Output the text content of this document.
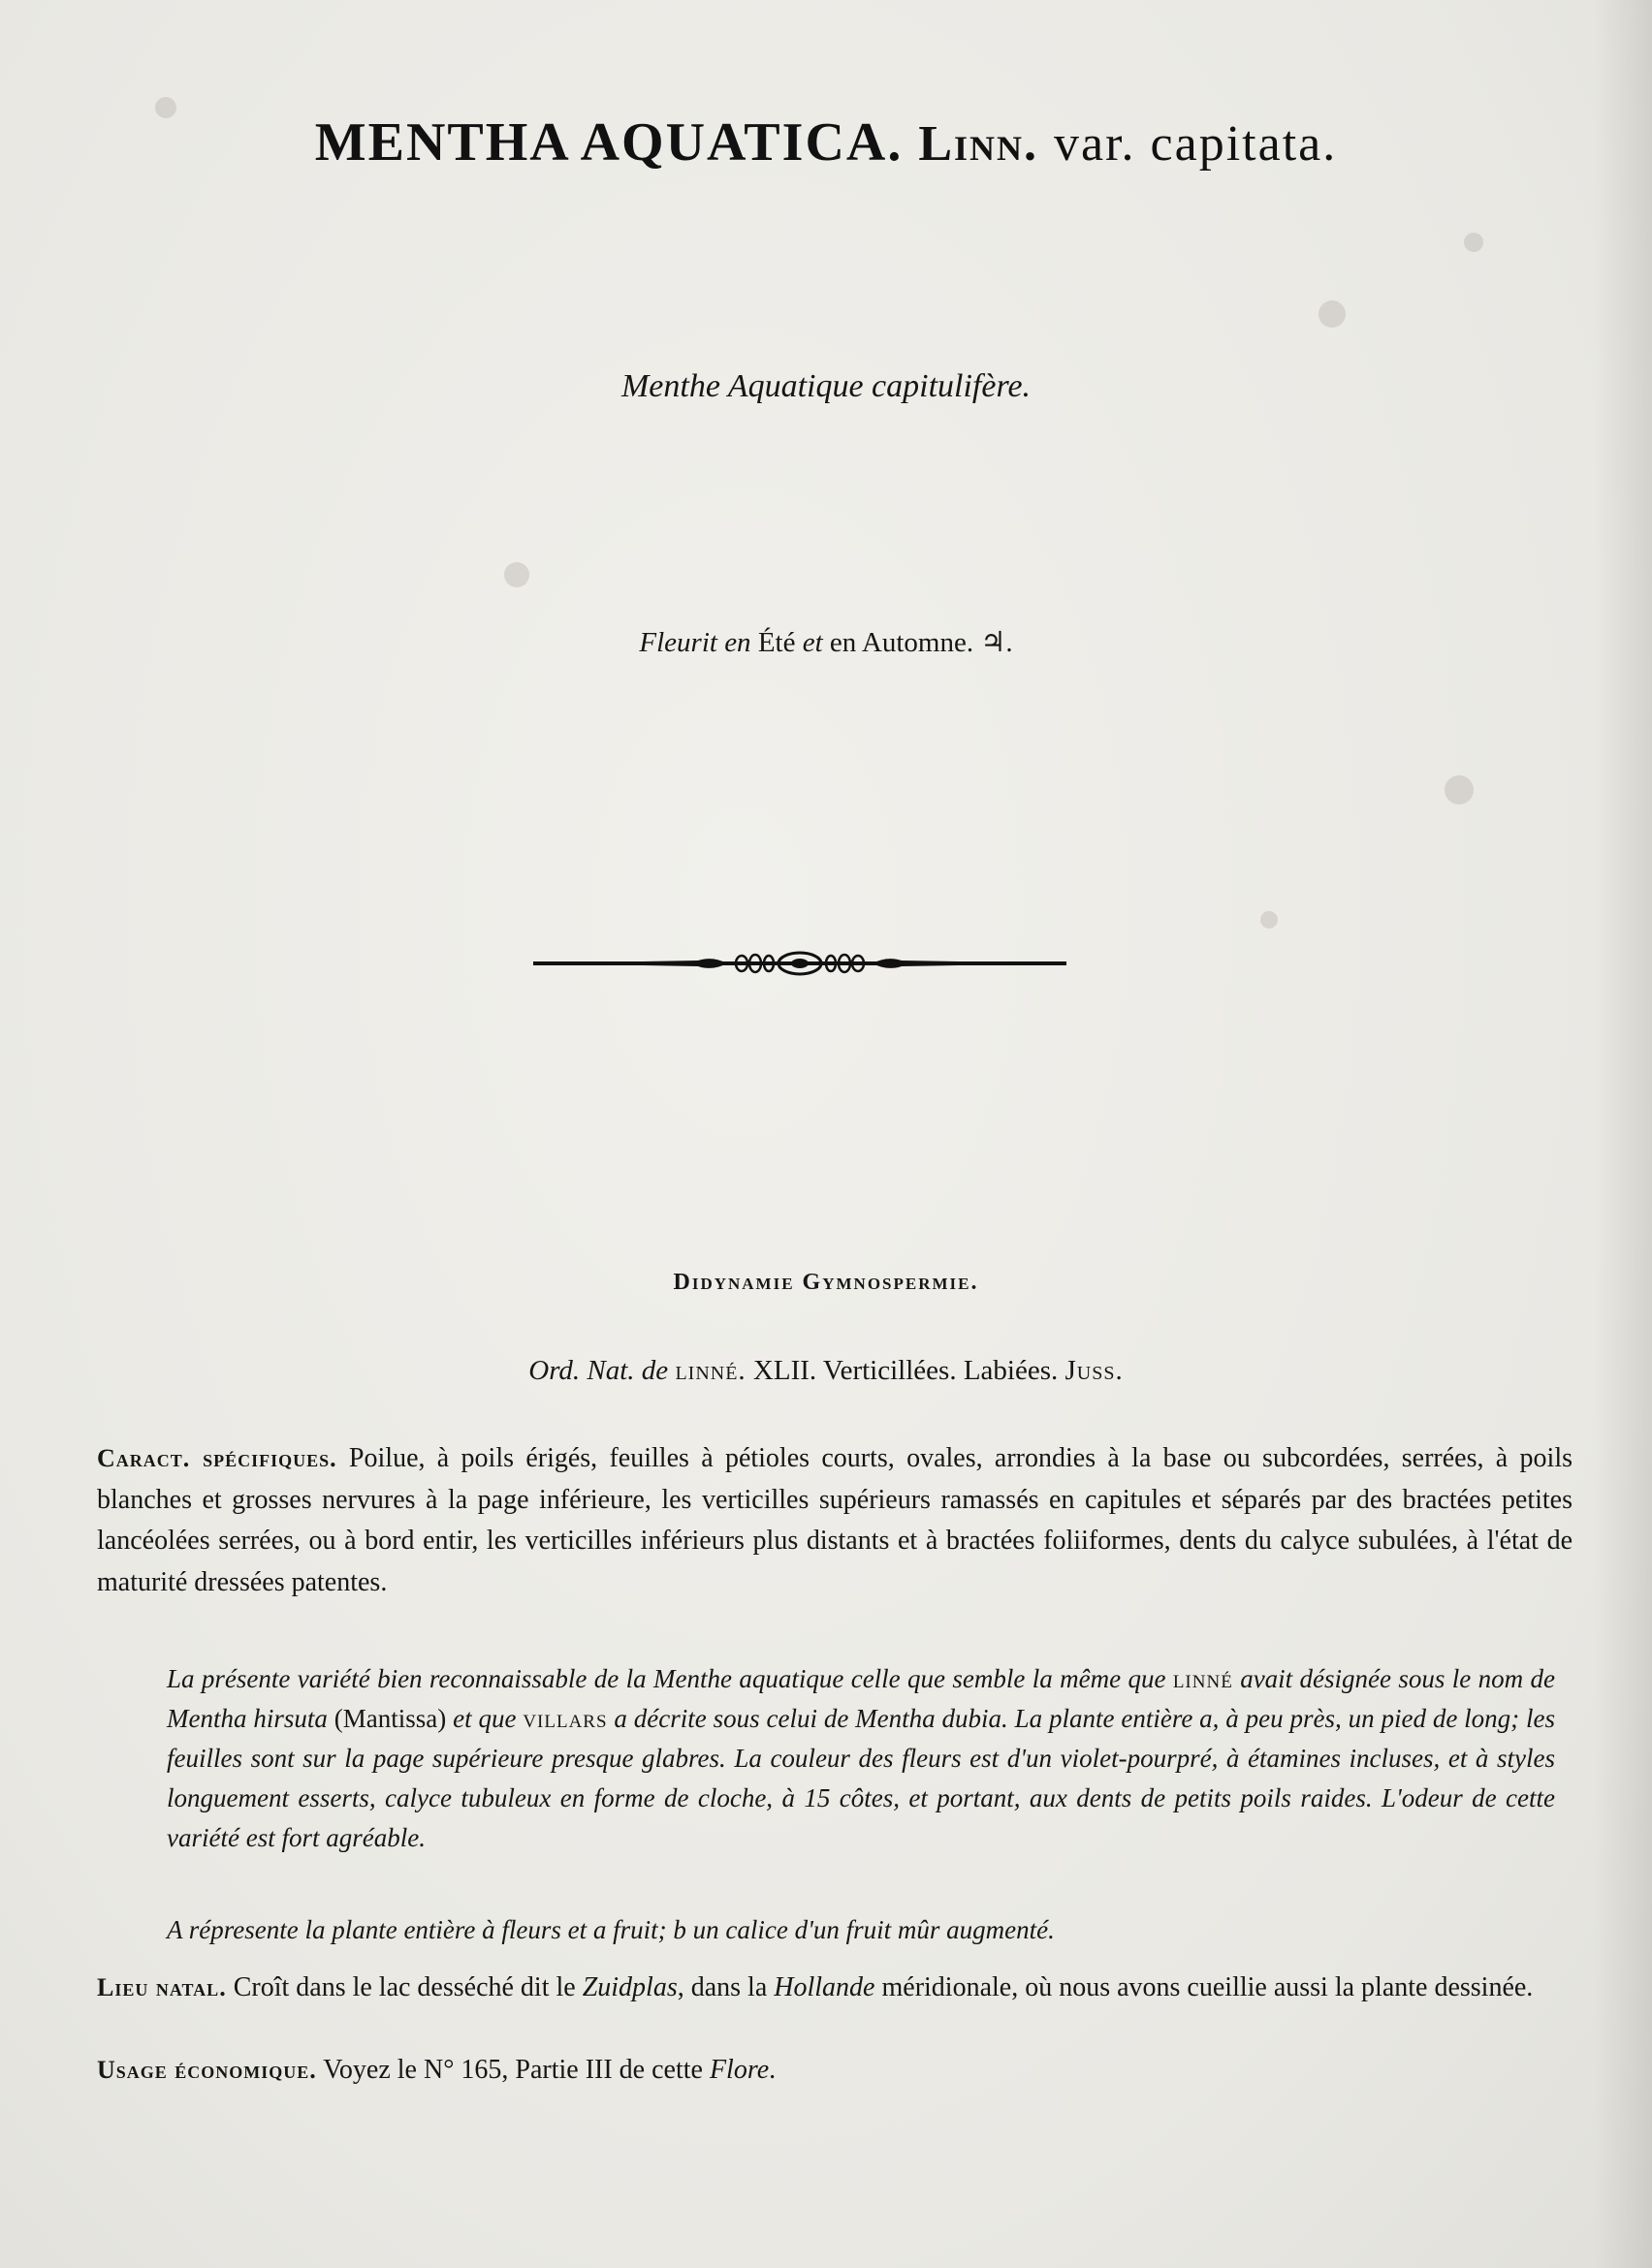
MENTHA AQUATICA. Linn. var. capitata.
Menthe Aquatique capitulifère.
Fleurit en Été et en Automne. ♃.
Didynamie Gymnospermie.
Ord. Nat. de linné. XLII. Verticillées. Labiées. Juss.
Caract. spécifiques. Poilue, à poils érigés, feuilles à pétioles courts, ovales, arrondies à la base ou subcordées, serrées, à poils blanches et grosses nervures à la page inférieure, les verticilles supérieurs ramassés en capitules et séparés par des bractées petites lancéolées serrées, ou à bord entir, les verticilles inférieurs plus distants et à bractées foliiformes, dents du calyce subulées, à l'état de maturité dressées patentes.
La présente variété bien reconnaissable de la Menthe aquatique celle que semble la même que linné avait désignée sous le nom de Mentha hirsuta (Mantissa) et que villars a décrite sous celui de Mentha dubia. La plante entière a, à peu près, un pied de long; les feuilles sont sur la page supérieure presque glabres. La couleur des fleurs est d'un violet-pourpré, à étamines incluses, et à styles longuement esserts, calyce tubuleux en forme de cloche, à 15 côtes, et portant, aux dents de petits poils raides. L'odeur de cette variété est fort agréable.
A répresente la plante entière à fleurs et a fruit; b un calice d'un fruit mûr augmenté.
Lieu natal. Croît dans le lac desséché dit le Zuidplas, dans la Hollande méridionale, où nous avons cueillie aussi la plante dessinée.
Usage économique. Voyez le N° 165, Partie III de cette Flore.
